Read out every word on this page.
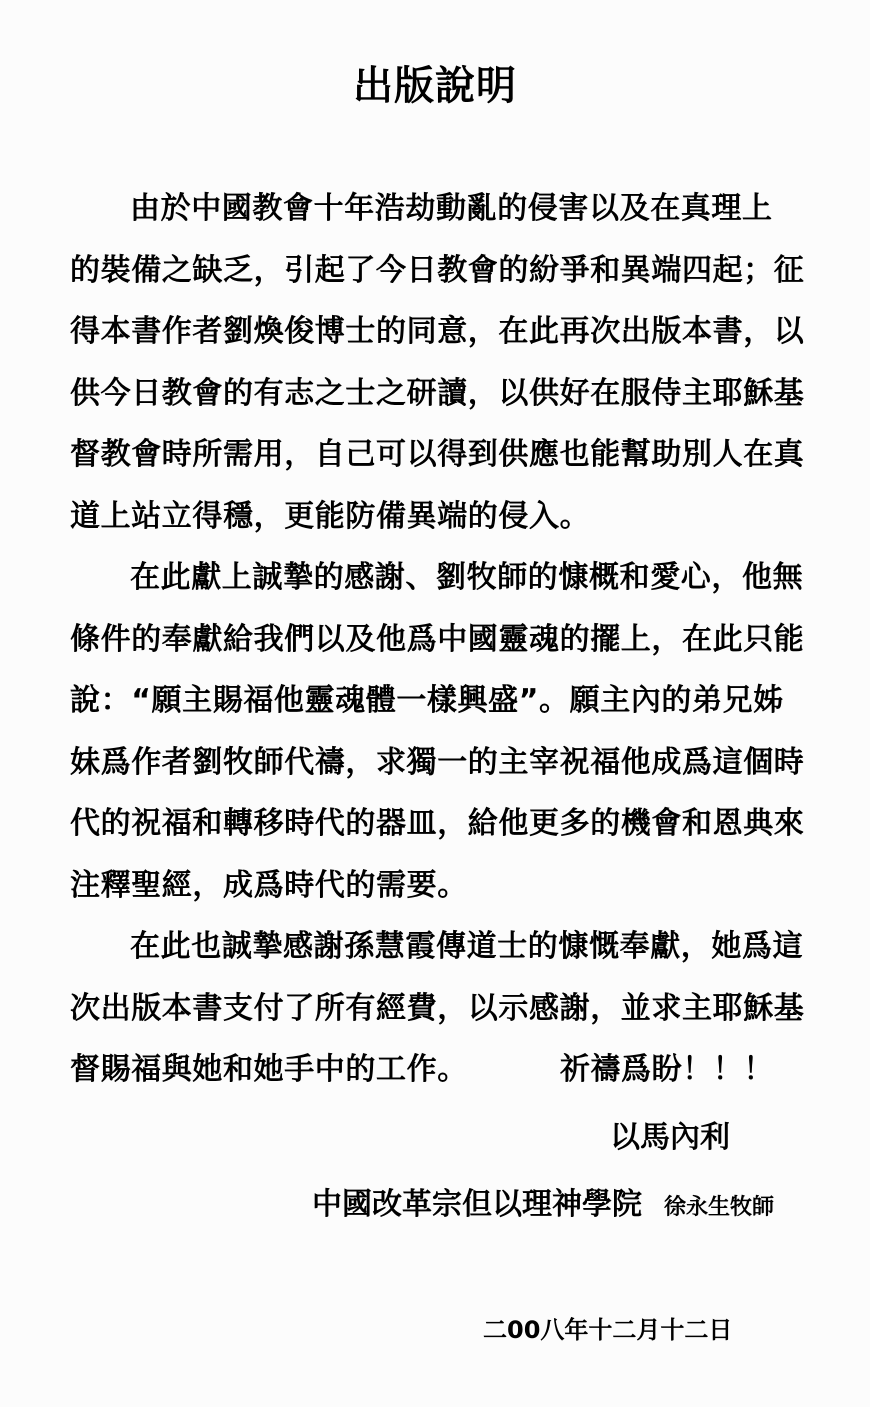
出版說明
由於中國教會十年浩劫動亂的侵害以及在真理上
的裝備之缺乏，引起了今日教會的紛爭和異端四起；征
得本書作者劉煥俊博士的同意，在此再次出版本書，以
供今日教會的有志之士之研讀，以供好在服侍主耶穌基
督教會時所需用，自己可以得到供應也能幫助別人在真
道上站立得穩，更能防備異端的侵入。
在此獻上誠摯的感謝、劉牧師的慷概和愛心，他無
條件的奉獻給我們以及他爲中國靈魂的擺上，在此只能
說：“願主賜福他靈魂體一樣興盛”。願主內的弟兄姊
妹爲作者劉牧師代禱，求獨一的主宰祝福他成爲這個時
代的祝福和轉移時代的器皿，給他更多的機會和恩典來
注釋聖經，成爲時代的需要。
在此也誠摯感謝孫慧霞傳道士的慷慨奉獻，她爲這
次出版本書支付了所有經費，以示感謝，並求主耶穌基
督賜福與她和她手中的工作。	祈禱爲盼！！！
以馬內利
中國改革宗但以理神學院 徐永生牧師
二00八年十二月十二日
